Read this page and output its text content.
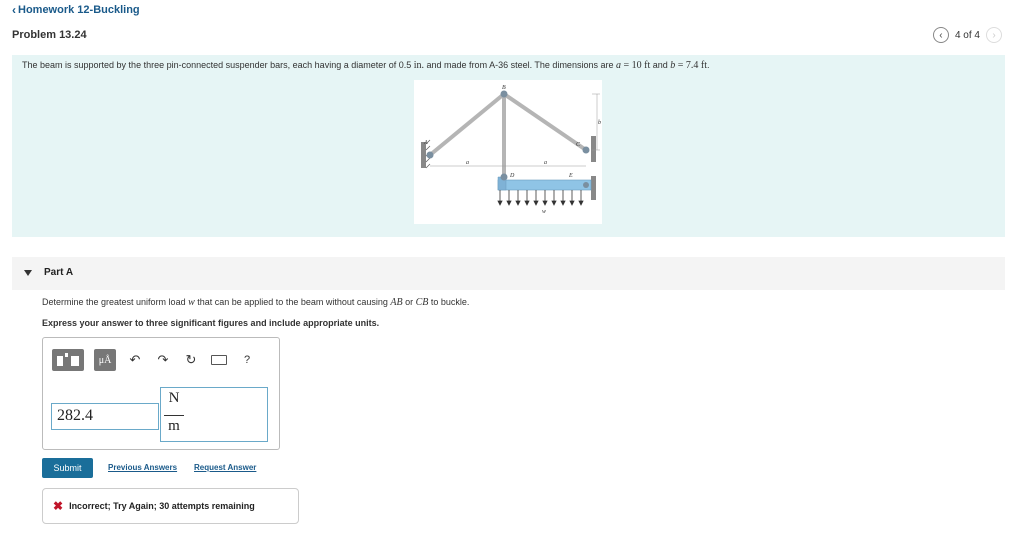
‹ Homework 12-Buckling
Problem 13.24	‹ 4 of 4 ›
The beam is supported by the three pin-connected suspender bars, each having a diameter of 0.5 in. and made from A-36 steel. The dimensions are a = 10 ft and b = 7.4 ft.
A
B
C
D	E
a	a
b
w
Part A
Determine the greatest uniform load w that can be applied to the beam without causing AB or CB to buckle.
Express your answer to three significant figures and include appropriate units.
μÅ	↶ ↷ ↻	?
282.4
N
m
Submit	Previous Answers Request Answer
✖ Incorrect; Try Again; 30 attempts remaining
